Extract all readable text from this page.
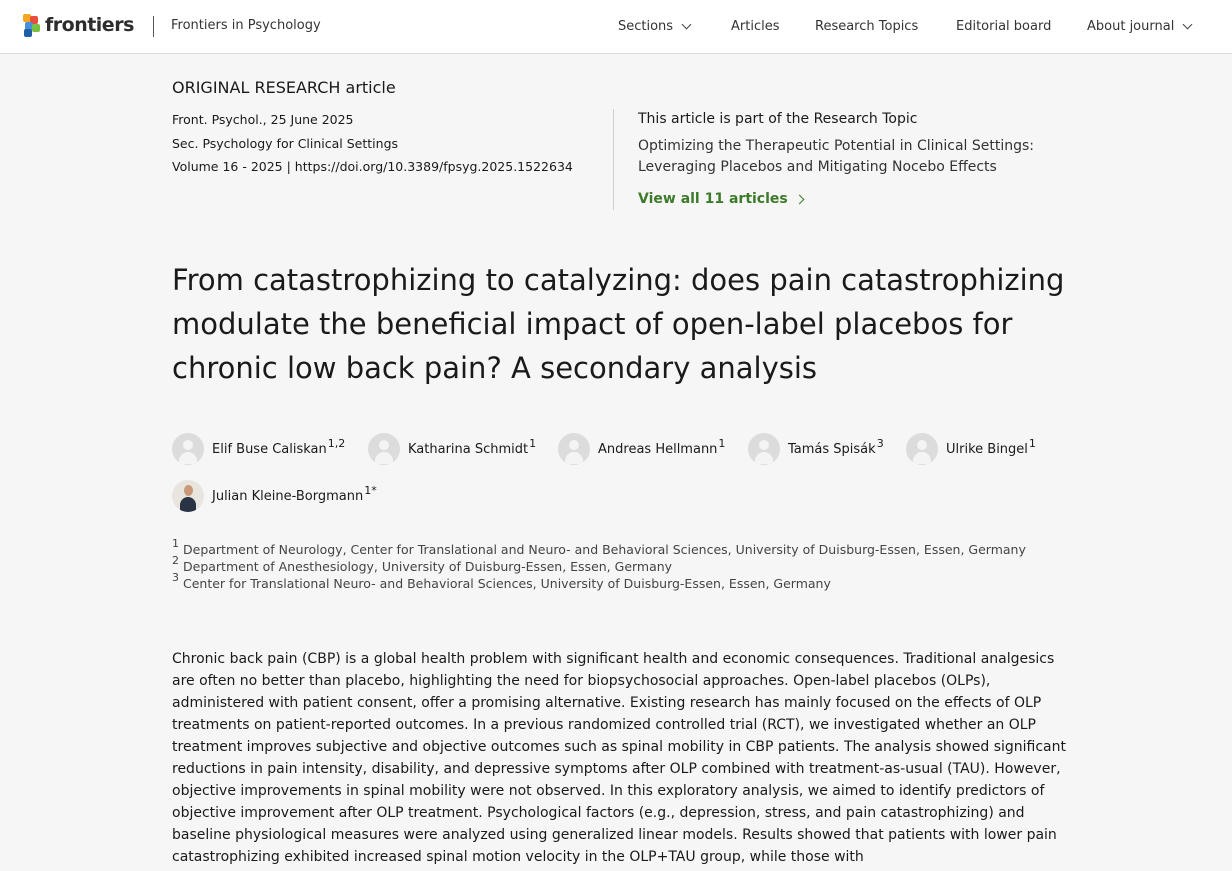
frontiers	Frontiers in Psychology	Sections	Articles	Research Topics	Editorial board	About journal
ORIGINAL RESEARCH article
Front. Psychol., 25 June 2025
Sec. Psychology for Clinical Settings
Volume 16 - 2025 | https://doi.org/10.3389/fpsyg.2025.1522634
This article is part of the Research Topic
Optimizing the Therapeutic Potential in Clinical Settings: Leveraging Placebos and Mitigating Nocebo Effects
View all 11 articles
From catastrophizing to catalyzing: does pain catastrophizing modulate the beneficial impact of open-label placebos for chronic low back pain? A secondary analysis
Elif Buse Caliskan$^{1,2}$	Katharina Schmidt$^1$	Andreas Hellmann$^1$	Tamás Spisák$^3$	Ulrike Bingel$^1$
Julian Kleine-Borgmann$^{1*}$
$^1$ Department of Neurology, Center for Translational and Neuro- and Behavioral Sciences, University of Duisburg-Essen, Essen, Germany
$^2$ Department of Anesthesiology, University of Duisburg-Essen, Essen, Germany
$^3$ Center for Translational Neuro- and Behavioral Sciences, University of Duisburg-Essen, Essen, Germany

Chronic back pain (CBP) is a global health problem with significant health and economic consequences. Traditional analgesics are often no better than placebo, highlighting the need for biopsychosocial approaches. Open-label placebos (OLPs), administered with patient consent, offer a promising alternative. Existing research has mainly focused on the effects of OLP treatments on patient-reported outcomes. In a previous randomized controlled trial (RCT), we investigated whether an OLP treatment improves subjective and objective outcomes such as spinal mobility in CBP patients. The analysis showed significant reductions in pain intensity, disability, and depressive symptoms after OLP combined with treatment-as-usual (TAU). However, objective improvements in spinal mobility were not observed. In this exploratory analysis, we aimed to identify predictors of objective improvement after OLP treatment. Psychological factors (e.g., depression, stress, and pain catastrophizing) and baseline physiological measures were analyzed using generalized linear models. Results showed that patients with lower pain catastrophizing exhibited increased spinal motion velocity in the OLP+TAU group, while those with
